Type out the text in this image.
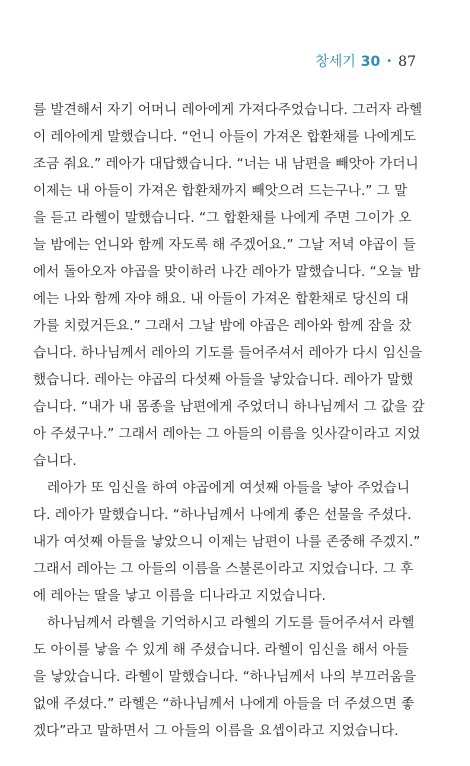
창세기 30 • 87
를 발견해서 자기 어머니 레아에게 가져다주었습니다. 그러자 라헬
이 레아에게 말했습니다. “언니 아들이 가져온 합환채를 나에게도
조금 줘요.” 레아가 대답했습니다. “너는 내 남편을 빼앗아 가더니
이제는 내 아들이 가져온 합환채까지 빼앗으려 드는구나.” 그 말
을 듣고 라헬이 말했습니다. “그 합환채를 나에게 주면 그이가 오
늘 밤에는 언니와 함께 자도록 해 주겠어요.” 그날 저녁 야곱이 들
에서 돌아오자 야곱을 맞이하러 나간 레아가 말했습니다. “오늘 밤
에는 나와 함께 자야 해요. 내 아들이 가져온 합환채로 당신의 대
가를 치렀거든요.” 그래서 그날 밤에 야곱은 레아와 함께 잠을 잤
습니다. 하나님께서 레아의 기도를 들어주셔서 레아가 다시 임신을
했습니다. 레아는 야곱의 다섯째 아들을 낳았습니다. 레아가 말했
습니다. “내가 내 몸종을 남편에게 주었더니 하나님께서 그 값을 갚
아 주셨구나.” 그래서 레아는 그 아들의 이름을 잇사갈이라고 지었
습니다.
레아가 또 임신을 하여 야곱에게 여섯째 아들을 낳아 주었습니
다. 레아가 말했습니다. “하나님께서 나에게 좋은 선물을 주셨다.
내가 여섯째 아들을 낳았으니 이제는 남편이 나를 존중해 주겠지.”
그래서 레아는 그 아들의 이름을 스불론이라고 지었습니다. 그 후
에 레아는 딸을 낳고 이름을 디나라고 지었습니다.
하나님께서 라헬을 기억하시고 라헬의 기도를 들어주셔서 라헬
도 아이를 낳을 수 있게 해 주셨습니다. 라헬이 임신을 해서 아들
을 낳았습니다. 라헬이 말했습니다. “하나님께서 나의 부끄러움을
없애 주셨다.” 라헬은 “하나님께서 나에게 아들을 더 주셨으면 좋
겠다”라고 말하면서 그 아들의 이름을 요셉이라고 지었습니다.
